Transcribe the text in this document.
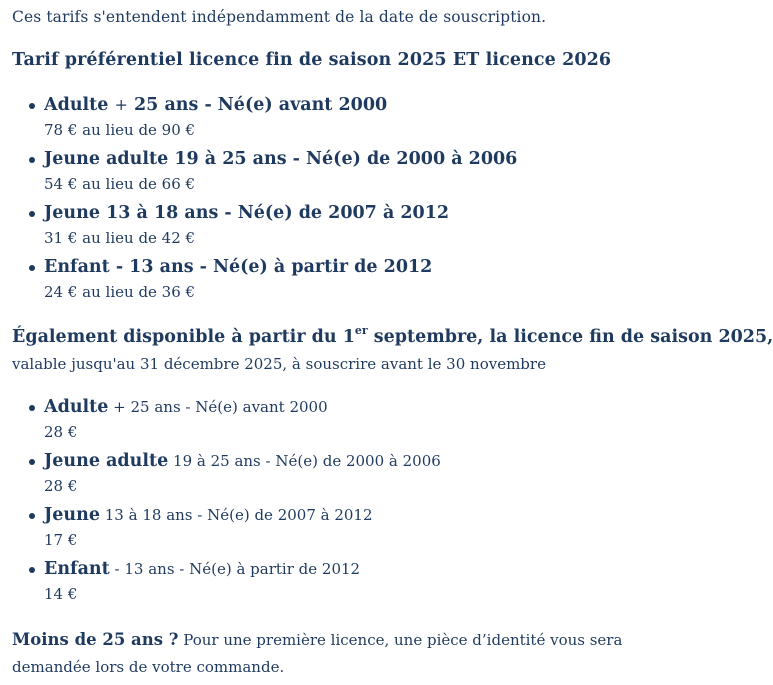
Ces tarifs s'entendent indépendamment de la date de souscription.
Tarif préférentiel licence fin de saison 2025 ET licence 2026
Adulte + 25 ans - Né(e) avant 2000
78 € au lieu de 90 €
Jeune adulte 19 à 25 ans - Né(e) de 2000 à 2006
54 € au lieu de 66 €
Jeune 13 à 18 ans - Né(e) de 2007 à 2012
31 € au lieu de 42 €
Enfant - 13 ans - Né(e) à partir de 2012
24 € au lieu de 36 €
Également disponible à partir du 1er septembre, la licence fin de saison 2025,
valable jusqu'au 31 décembre 2025, à souscrire avant le 30 novembre
Adulte + 25 ans - Né(e) avant 2000
28 €
Jeune adulte 19 à 25 ans - Né(e) de 2000 à 2006
28 €
Jeune 13 à 18 ans - Né(e) de 2007 à 2012
17 €
Enfant - 13 ans - Né(e) à partir de 2012
14 €
Moins de 25 ans ? Pour une première licence, une pièce d’identité vous sera demandée lors de votre commande.
